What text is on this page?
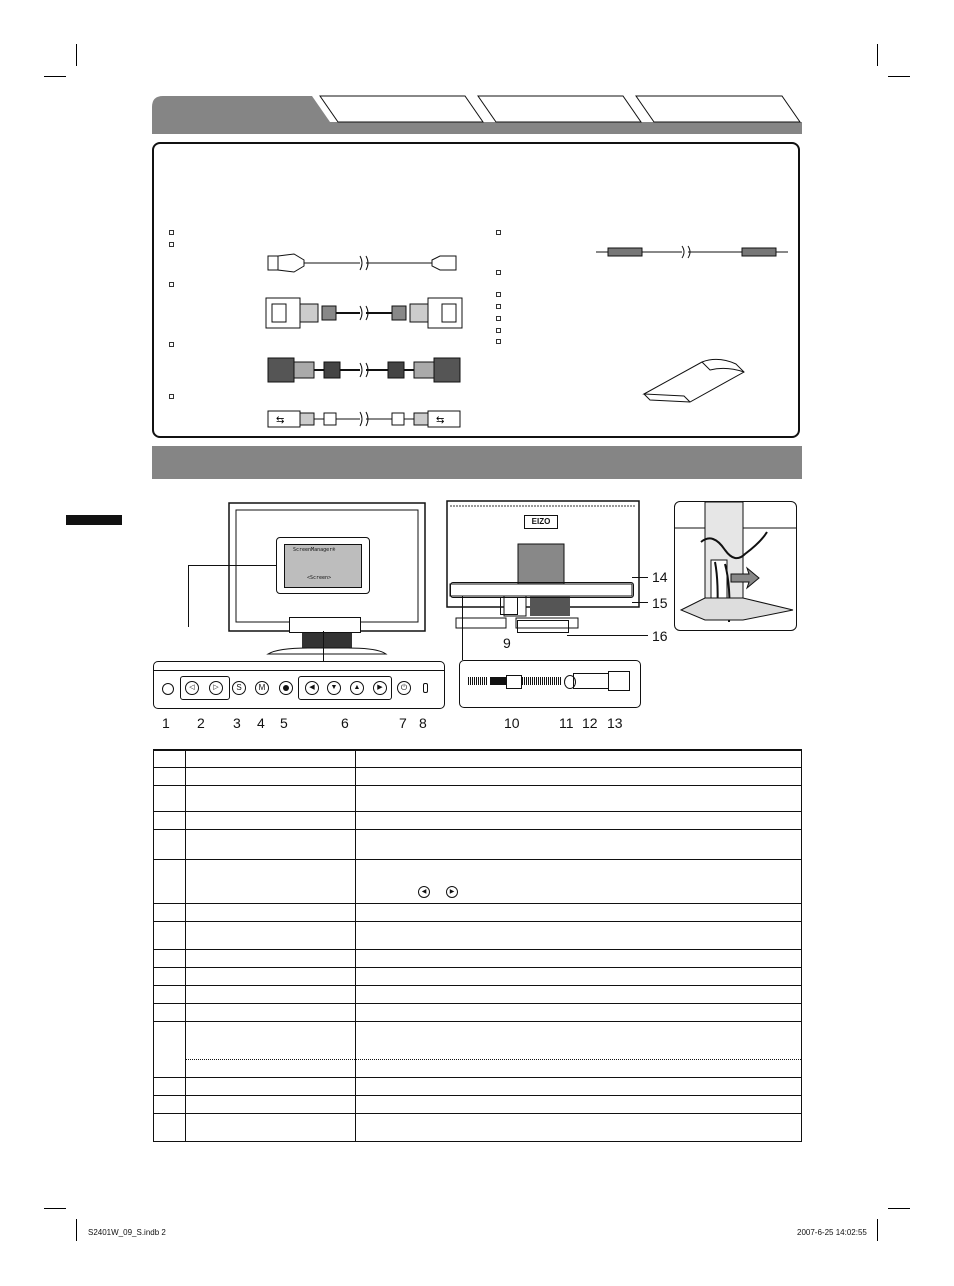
⇆	⇆
ScreenManager®
<Screen>
◁	▷	S	M	◀	▼	▲	▶	⏻
1 2 3 4 5	6	7 8
EIZO
14
15
16
9
10	11 12 13

		◀ ▶

S2401W_09_S.indb 2	2007-6-25 14:02:55
